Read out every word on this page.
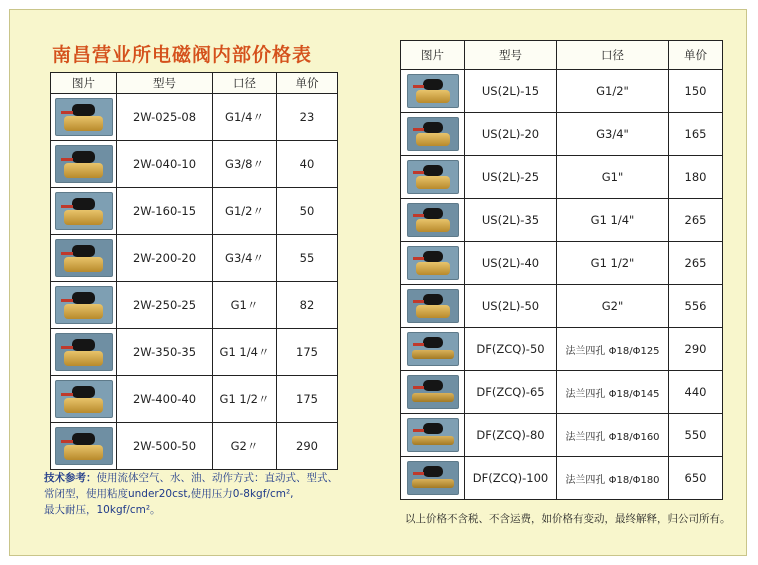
南昌营业所电磁阀内部价格表
图片	型号	口径	单价

	2W-025-08	G1/4〃	23

	2W-040-10	G3/8〃	40

	2W-160-15	G1/2〃	50

	2W-200-20	G3/4〃	55

	2W-250-25	G1〃	82

	2W-350-35	G1 1/4〃	175

	2W-400-40	G1 1/2〃	175

	2W-500-50	G2〃	290
图片	型号	口径	单价

	US(2L)-15	G1/2"	150

	US(2L)-20	G3/4"	165

	US(2L)-25	G1"	180

	US(2L)-35	G1 1/4"	265

	US(2L)-40	G1 1/2"	265

	US(2L)-50	G2"	556

	DF(ZCQ)-50	法兰四孔 Φ18/Φ125	290

	DF(ZCQ)-65	法兰四孔 Φ18/Φ145	440

	DF(ZCQ)-80	法兰四孔 Φ18/Φ160	550

	DF(ZCQ)-100	法兰四孔 Φ18/Φ180	650
技术参考：使用流体空气、水、油、动作方式：直动式、型式、
常闭型，使用粘度under20cst,使用压力0-8kgf/cm²,
最大耐压，10kgf/cm²。
以上价格不含税、不含运费，如价格有变动，最终解释，归公司所有。
